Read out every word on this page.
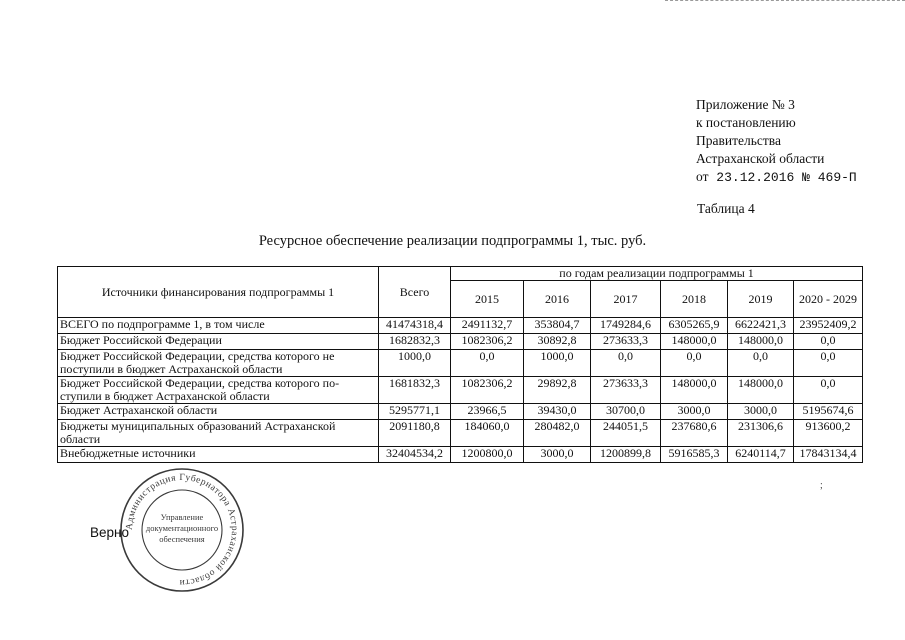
Приложение № 3
к постановлению
Правительства
Астраханской области
от 23.12.2016 № 469-П
Таблица 4
Ресурсное обеспечение реализации подпрограммы 1, тыс. руб.
Источники финансирования подпрограммы 1	Всего	по годам реализации подпрограммы 1					
		2015	2016	2017	2018	2019	2020 - 2029
ВСЕГО по подпрограмме 1, в том числе	41474318,4	2491132,7	353804,7	1749284,6	6305265,9	6622421,3	23952409,2
Бюджет Российской Федерации	1682832,3	1082306,2	30892,8	273633,3	148000,0	148000,0	0,0
Бюджет Российской Федерации, средства которого не поступили в бюджет Астраханской области	1000,0	0,0	1000,0	0,0	0,0	0,0	0,0
Бюджет Российской Федерации, средства которого по-ступили в бюджет Астраханской области	1681832,3	1082306,2	29892,8	273633,3	148000,0	148000,0	0,0
Бюджет Астраханской области	5295771,1	23966,5	39430,0	30700,0	3000,0	3000,0	5195674,6
Бюджеты муниципальных образований Астраханской области	2091180,8	184060,0	280482,0	244051,5	237680,6	231306,6	913600,2
Внебюджетные источники	32404534,2	1200800,0	3000,0	1200899,8	5916585,3	6240114,7	17843134,4
Администрация Губернатора Астраханской области
Управление
документационного
обеспечения
Верно
;
